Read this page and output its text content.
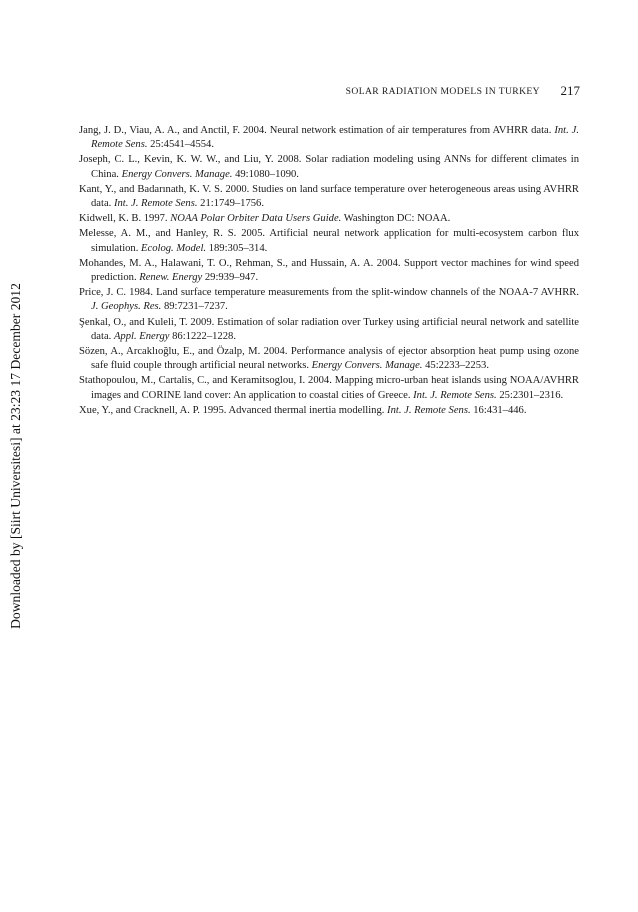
Downloaded by [Siirt Universitesi] at 23:23 17 December 2012
SOLAR RADIATION MODELS IN TURKEY 217

Jang, J. D., Viau, A. A., and Anctil, F. 2004. Neural network estimation of air temperatures from AVHRR data. Int. J. Remote Sens. 25:4541–4554.

Joseph, C. L., Kevin, K. W. W., and Liu, Y. 2008. Solar radiation modeling using ANNs for different climates in China. Energy Convers. Manage. 49:1080–1090.

Kant, Y., and Badarınath, K. V. S. 2000. Studies on land surface temperature over heterogeneous areas using AVHRR data. Int. J. Remote Sens. 21:1749–1756.

Kidwell, K. B. 1997. NOAA Polar Orbiter Data Users Guide. Washington DC: NOAA.

Melesse, A. M., and Hanley, R. S. 2005. Artificial neural network application for multi-ecosystem carbon flux simulation. Ecolog. Model. 189:305–314.

Mohandes, M. A., Halawani, T. O., Rehman, S., and Hussain, A. A. 2004. Support vector machines for wind speed prediction. Renew. Energy 29:939–947.

Price, J. C. 1984. Land surface temperature measurements from the split-window channels of the NOAA-7 AVHRR. J. Geophys. Res. 89:7231–7237.

Şenkal, O., and Kuleli, T. 2009. Estimation of solar radiation over Turkey using artificial neural network and satellite data. Appl. Energy 86:1222–1228.

Sözen, A., Arcaklıoğlu, E., and Özalp, M. 2004. Performance analysis of ejector absorption heat pump using ozone safe fluid couple through artificial neural networks. Energy Convers. Manage. 45:2233–2253.

Stathopoulou, M., Cartalis, C., and Keramitsoglou, I. 2004. Mapping micro-urban heat islands using NOAA/AVHRR images and CORINE land cover: An application to coastal cities of Greece. Int. J. Remote Sens. 25:2301–2316.

Xue, Y., and Cracknell, A. P. 1995. Advanced thermal inertia modelling. Int. J. Remote Sens. 16:431–446.
